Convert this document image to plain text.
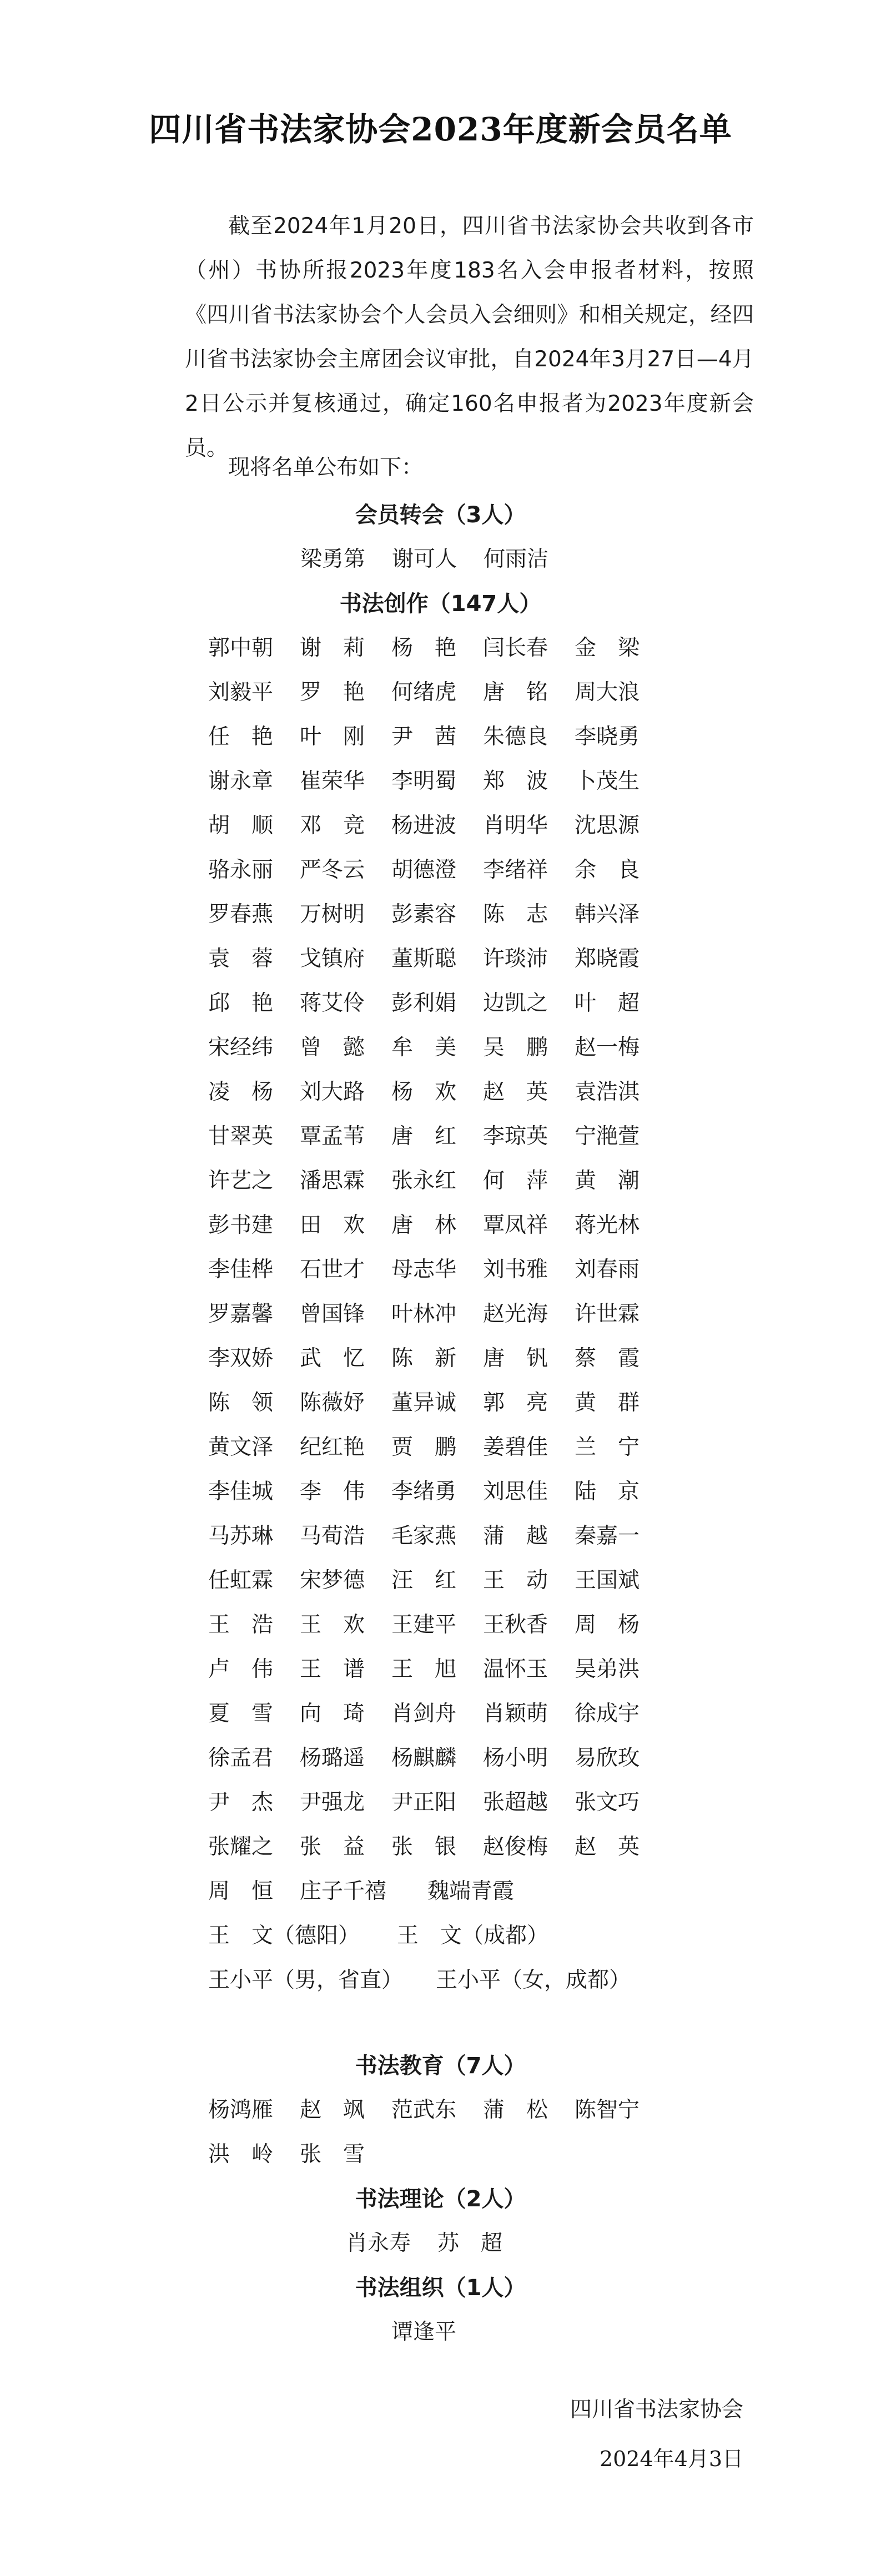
四川省书法家协会2023年度新会员名单

截至2024年1月20日，四川省书法家协会共收到各市（州）书协所报2023年度183名入会申报者材料，按照《四川省书法家协会个人会员入会细则》和相关规定，经四川省书法家协会主席团会议审批，自2024年3月27日—4月2日公示并复核通过，确定160名申报者为2023年度新会员。

现将名单公布如下：

会员转会（3人）

梁勇第	谢可人	何雨洁

书法创作（147人）

郭中朝	谢　莉	杨　艳	闫长春	金　梁
刘毅平	罗　艳	何绪虎	唐　铭	周大浪
任　艳	叶　刚	尹　茜	朱德良	李晓勇
谢永章	崔荣华	李明蜀	郑　波	卜茂生
胡　顺	邓　竞	杨进波	肖明华	沈思源
骆永丽	严冬云	胡德澄	李绪祥	余　良
罗春燕	万树明	彭素容	陈　志	韩兴泽
袁　蓉	戈镇府	董斯聪	许琰沛	郑晓霞
邱　艳	蒋艾伶	彭利娟	边凯之	叶　超
宋经纬	曾　懿	牟　美	吴　鹏	赵一梅
凌　杨	刘大路	杨　欢	赵　英	袁浩淇
甘翠英	覃孟苇	唐　红	李琼英	宁滟萱
许艺之	潘思霖	张永红	何　萍	黄　潮
彭书建	田　欢	唐　林	覃凤祥	蒋光林
李佳桦	石世才	母志华	刘书雅	刘春雨
罗嘉馨	曾国锋	叶林冲	赵光海	许世霖
李双娇	武　忆	陈　新	唐　钒	蔡　霞
陈　领	陈薇妤	董异诚	郭　亮	黄　群
黄文泽	纪红艳	贾　鹏	姜碧佳	兰　宁
李佳城	李　伟	李绪勇	刘思佳	陆　京
马苏琳	马荀浩	毛家燕	蒲　越	秦嘉一
任虹霖	宋梦德	汪　红	王　动	王国斌
王　浩	王　欢	王建平	王秋香	周　杨
卢　伟	王　谱	王　旭	温怀玉	吴弟洪
夏　雪	向　琦	肖剑舟	肖颖萌	徐成宇
徐孟君	杨璐遥	杨麒麟	杨小明	易欣玫
尹　杰	尹强龙	尹正阳	张超越	张文巧
张耀之	张　益	张　银	赵俊梅	赵　英
周　恒	庄子千禧	魏端青霞
王　文（德阳）	王　文（成都）
王小平（男，省直）	王小平（女，成都）

书法教育（7人）

杨鸿雁	赵　飒	范武东	蒲　松	陈智宁
洪　岭	张　雪

书法理论（2人）

肖永寿	苏　超

书法组织（1人）

谭逢平

四川省书法家协会

2024年4月3日
